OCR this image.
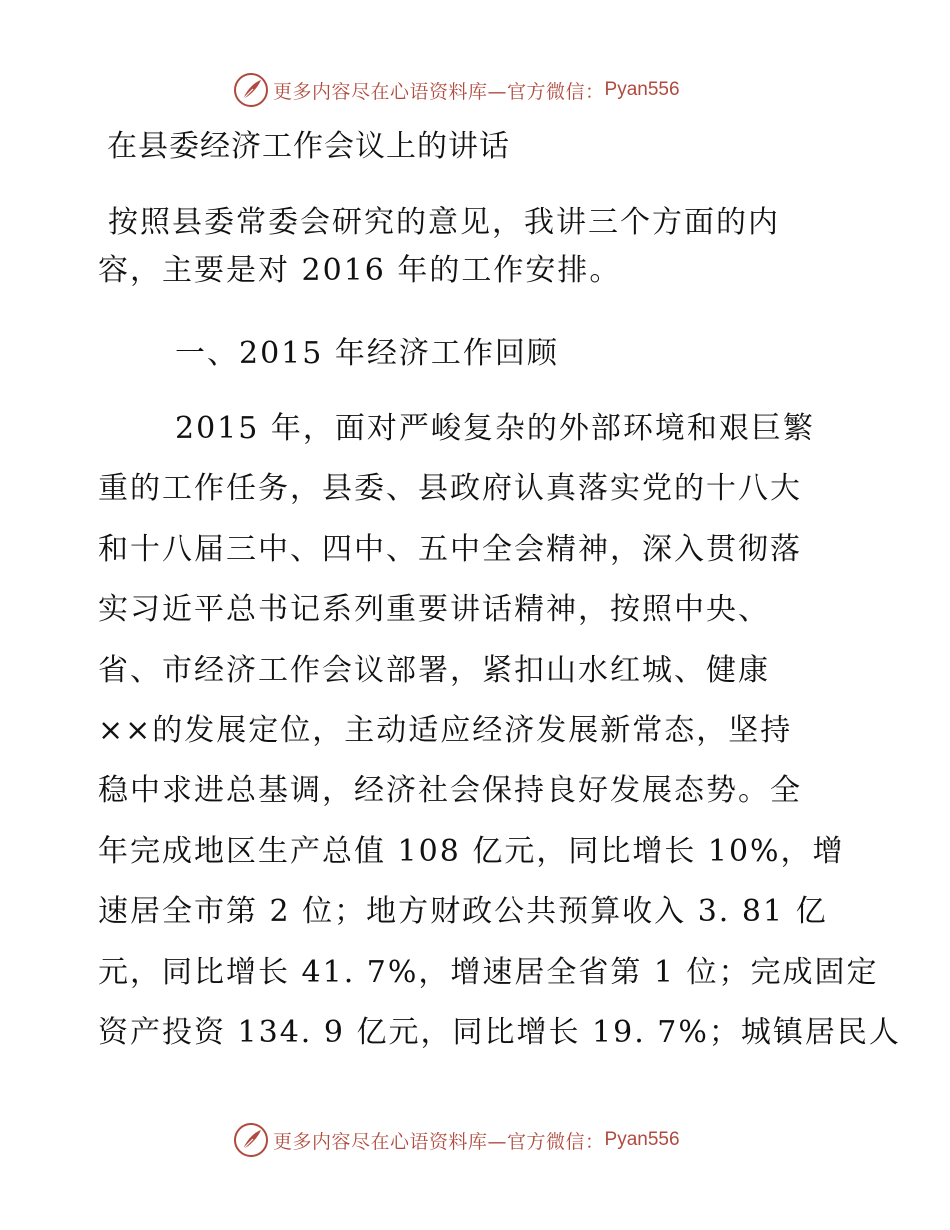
更多内容尽在心语资料库—官方微信： Pyan556
在县委经济工作会议上的讲话
按照县委常委会研究的意见，我讲三个方面的内
容，主要是对 2016 年的工作安排。
一、2015 年经济工作回顾
2015 年，面对严峻复杂的外部环境和艰巨繁
重的工作任务，县委、县政府认真落实党的十八大
和十八届三中、四中、五中全会精神，深入贯彻落
实习近平总书记系列重要讲话精神，按照中央、
省、市经济工作会议部署，紧扣山水红城、健康
××的发展定位，主动适应经济发展新常态，坚持
稳中求进总基调，经济社会保持良好发展态势。全
年完成地区生产总值 108 亿元，同比增长 10%，增
速居全市第 2 位；地方财政公共预算收入 3. 81 亿
元，同比增长 41. 7%，增速居全省第 1 位；完成固定
资产投资 134. 9 亿元，同比增长 19. 7%；城镇居民人
更多内容尽在心语资料库—官方微信： Pyan556
